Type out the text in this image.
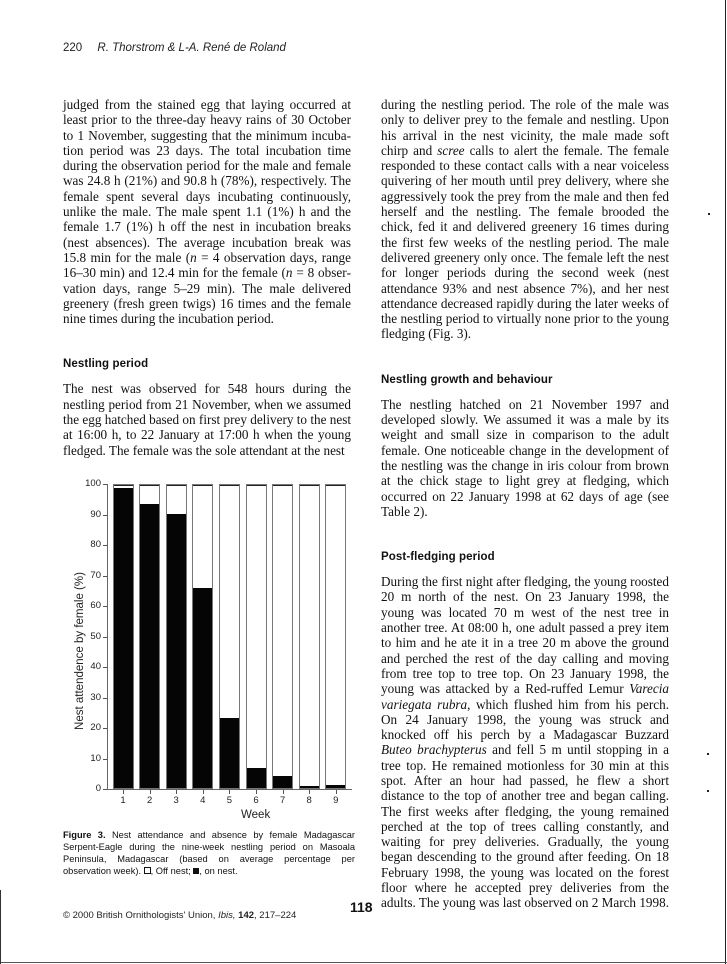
220 R. Thorstrom & L-A. René de Roland

judged from the stained egg that laying occurred at least prior to the three-day heavy rains of 30 October to 1 November, suggesting that the minimum incubation period was 23 days. The total incubation time during the observation period for the male and female was 24.8 h (21%) and 90.8 h (78%), respectively. The female spent several days incubating continuously, unlike the male. The male spent 1.1 (1%) h and the female 1.7 (1%) h off the nest in incubation breaks (nest absences). The average incubation break was 15.8 min for the male (n = 4 observation days, range 16–30 min) and 12.4 min for the female (n = 8 observation days, range 5–29 min). The male delivered greenery (fresh green twigs) 16 times and the female nine times during the incubation period.

Nestling period

The nest was observed for 548 hours during the nestling period from 21 November, when we assumed the egg hatched based on first prey delivery to the nest at 16:00 h, to 22 January at 17:00 h when the young fledged. The female was the sole attendant at the nest

Nest attendence by female (%)
0
10
20
30
40
50
60
70
80
90
100
1	2	3	4	5	6	7	8	9
Week
Figure 3. Nest attendance and absence by female Madagascar Serpent-Eagle during the nine-week nestling period on Masoala Peninsula, Madagascar (based on average percentage per observation week). , Off nest; , on nest.

during the nestling period. The role of the male was only to deliver prey to the female and nestling. Upon his arrival in the nest vicinity, the male made soft chirp and scree calls to alert the female. The female responded to these contact calls with a near voiceless quivering of her mouth until prey delivery, where she aggressively took the prey from the male and then fed herself and the nestling. The female brooded the chick, fed it and delivered greenery 16 times during the first few weeks of the nestling period. The male delivered greenery only once. The female left the nest for longer periods during the second week (nest attendance 93% and nest absence 7%), and her nest attendance decreased rapidly during the later weeks of the nestling period to virtually none prior to the young fledging (Fig. 3).

Nestling growth and behaviour

The nestling hatched on 21 November 1997 and developed slowly. We assumed it was a male by its weight and small size in comparison to the adult female. One noticeable change in the development of the nestling was the change in iris colour from brown at the chick stage to light grey at fledging, which occurred on 22 January 1998 at 62 days of age (see Table 2).

Post-fledging period

During the first night after fledging, the young roosted 20 m north of the nest. On 23 January 1998, the young was located 70 m west of the nest tree in another tree. At 08:00 h, one adult passed a prey item to him and he ate it in a tree 20 m above the ground and perched the rest of the day calling and moving from tree top to tree top. On 23 January 1998, the young was attacked by a Red-ruffed Lemur Varecia variegata rubra, which flushed him from his perch. On 24 January 1998, the young was struck and knocked off his perch by a Madagascar Buzzard Buteo brachypterus and fell 5 m until stopping in a tree top. He remained motionless for 30 min at this spot. After an hour had passed, he flew a short distance to the top of another tree and began calling. The first weeks after fledging, the young remained perched at the top of trees calling constantly, and waiting for prey deliveries. Gradually, the young began descending to the ground after feeding. On 18 February 1998, the young was located on the forest floor where he accepted prey deliveries from the adults. The young was last observed on 2 March 1998.

© 2000 British Ornithologists' Union, Ibis, 142, 217–224
118
